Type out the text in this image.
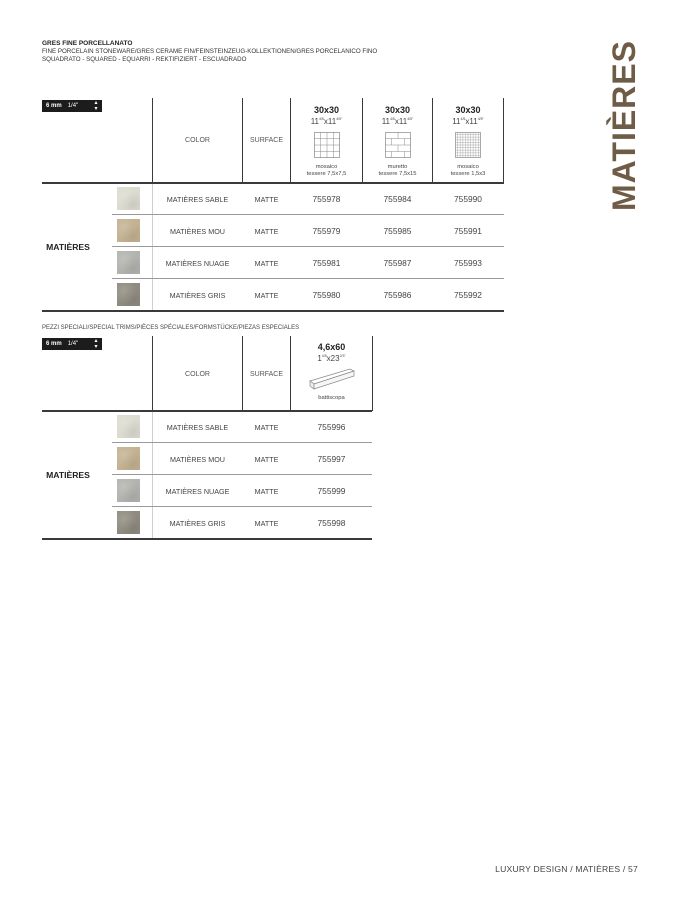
GRES FINE PORCELLANATO
FINE PORCELAIN STONEWARE/GRES CERAME FIN/FEINSTEINZEUG-KOLLEKTIONEN/GRES PORCELANICO FINO
SQUADRATO - SQUARED - EQUARRI - REKTIFIZIERT - ESCUADRADO	MATIÈRES
6 mm	1/4"	▴
▾
COLOR	SURFACE
30x30
$11^{4/5}x11^{4/5"}$
mosaico
tessere 7,5x7,5
30x30
$11^{4/5}x11^{4/5"}$
muretto
tessere 7,5x15
30x30
$11^{4/5}x11^{4/5"}$
mosaico
tessere 1,5x3
MATIÈRES
MATIÈRES SABLE	MATTE	755978	755984	755990
MATIÈRES MOU	MATTE	755979	755985	755991
MATIÈRES NUAGE	MATTE	755981	755987	755993
MATIÈRES GRIS	MATTE	755980	755986	755992
PEZZI SPECIALI/SPECIAL TRIMS/PIÈCES SPÉCIALES/FORMSTÜCKE/PIEZAS ESPECIALES
6 mm	1/4"	▴
▾
COLOR	SURFACE
4,6x60
$1^{4/5}x23^{2/3"}$
battiscopa
MATIÈRES
MATIÈRES SABLE	MATTE	755996
MATIÈRES MOU	MATTE	755997
MATIÈRES NUAGE	MATTE	755999
MATIÈRES GRIS	MATTE	755998
LUXURY DESIGN / MATIÈRES / 57
